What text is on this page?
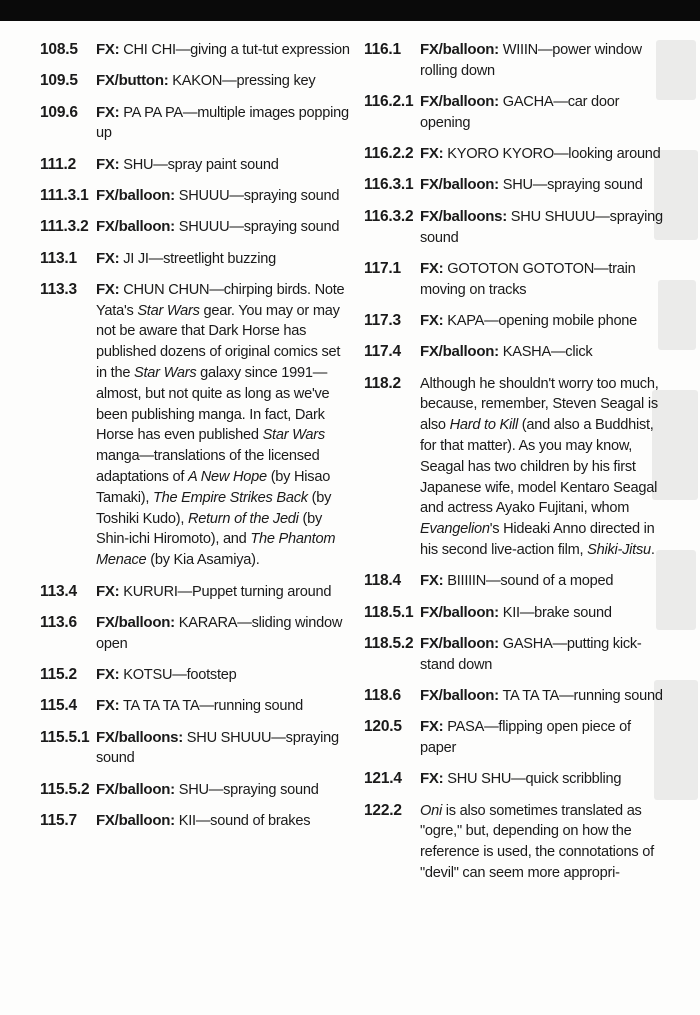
108.5 FX: CHI CHI—giving a tut-tut expression
109.5 FX/button: KAKON—pressing key
109.6 FX: PA PA PA—multiple images popping up
111.2 FX: SHU—spray paint sound
111.3.1 FX/balloon: SHUUU—spraying sound
111.3.2 FX/balloon: SHUUU—spraying sound
113.1 FX: JI JI—streetlight buzzing
113.3 FX: CHUN CHUN—chirping birds. Note Yata's Star Wars gear. You may or may not be aware that Dark Horse has published dozens of original comics set in the Star Wars galaxy since 1991—almost, but not quite as long as we've been publishing manga. In fact, Dark Horse has even published Star Wars manga—translations of the licensed adaptations of A New Hope (by Hisao Tamaki), The Empire Strikes Back (by Toshiki Kudo), Return of the Jedi (by Shin-ichi Hiromoto), and The Phantom Menace (by Kia Asamiya).
113.4 FX: KURURI—Puppet turning around
113.6 FX/balloon: KARARA—sliding window open
115.2 FX: KOTSU—footstep
115.4 FX: TA TA TA TA—running sound
115.5.1 FX/balloons: SHU SHUUU—spraying sound
115.5.2 FX/balloon: SHU—spraying sound
115.7 FX/balloon: KII—sound of brakes
116.1 FX/balloon: WIIIN—power window rolling down
116.2.1 FX/balloon: GACHA—car door opening
116.2.2 FX: KYORO KYORO—looking around
116.3.1 FX/balloon: SHU—spraying sound
116.3.2 FX/balloons: SHU SHUUU—spraying sound
117.1 FX: GOTOTON GOTOTON—train moving on tracks
117.3 FX: KAPA—opening mobile phone
117.4 FX/balloon: KASHA—click
118.2 Although he shouldn't worry too much, because, remember, Steven Seagal is also Hard to Kill (and also a Buddhist, for that matter). As you may know, Seagal has two children by his first Japanese wife, model Kentaro Seagal and actress Ayako Fujitani, whom Evangelion's Hideaki Anno directed in his second live-action film, Shiki-Jitsu.
118.4 FX: BIIIIIN—sound of a moped
118.5.1 FX/balloon: KII—brake sound
118.5.2 FX/balloon: GASHA—putting kick-stand down
118.6 FX/balloon: TA TA TA—running sound
120.5 FX: PASA—flipping open piece of paper
121.4 FX: SHU SHU—quick scribbling
122.2 Oni is also sometimes translated as "ogre," but, depending on how the reference is used, the connotations of "devil" can seem more appropri-
